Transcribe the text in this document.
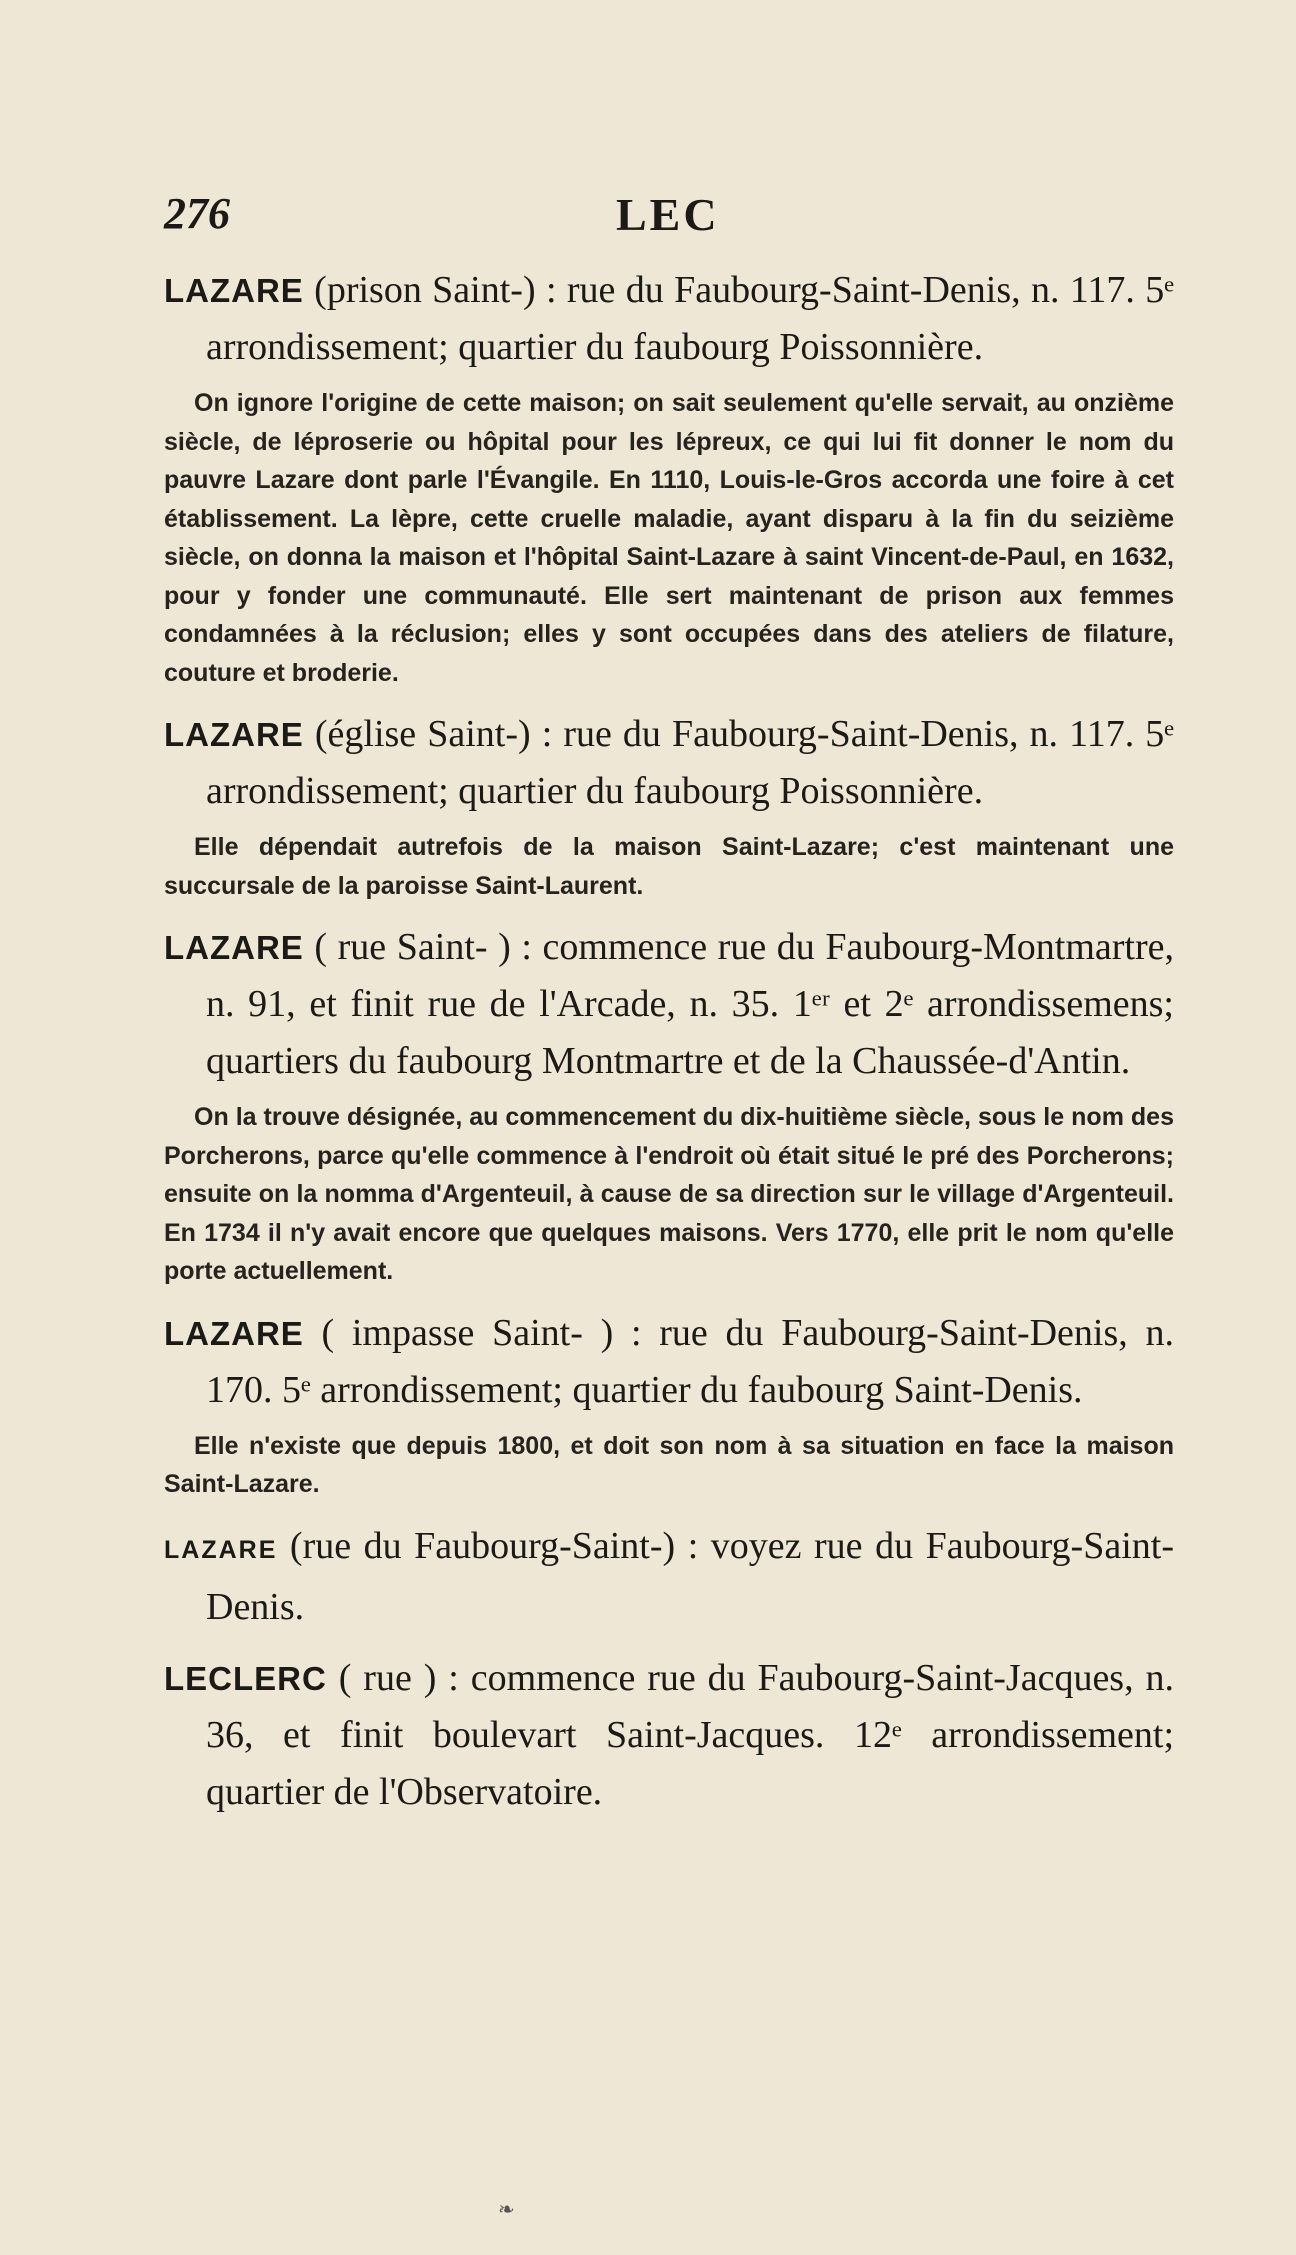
276	LEC

LAZARE (prison Saint-) : rue du Faubourg-Saint-Denis, n. 117. 5ᵉ arrondissement; quartier du faubourg Poissonnière.

On ignore l'origine de cette maison; on sait seulement qu'elle servait, au onzième siècle, de léproserie ou hôpital pour les lépreux, ce qui lui fit donner le nom du pauvre Lazare dont parle l'Évangile. En 1110, Louis-le-Gros accorda une foire à cet établissement. La lèpre, cette cruelle maladie, ayant disparu à la fin du seizième siècle, on donna la maison et l'hôpital Saint-Lazare à saint Vincent-de-Paul, en 1632, pour y fonder une communauté. Elle sert maintenant de prison aux femmes condamnées à la réclusion; elles y sont occupées dans des ateliers de filature, couture et broderie.

LAZARE (église Saint-) : rue du Faubourg-Saint-Denis, n. 117. 5ᵉ arrondissement; quartier du faubourg Poissonnière.

Elle dépendait autrefois de la maison Saint-Lazare; c'est maintenant une succursale de la paroisse Saint-Laurent.

LAZARE ( rue Saint- ) : commence rue du Faubourg-Montmartre, n. 91, et finit rue de l'Arcade, n. 35. 1ᵉʳ et 2ᵉ arrondissemens; quartiers du faubourg Montmartre et de la Chaussée-d'Antin.

On la trouve désignée, au commencement du dix-huitième siècle, sous le nom des Porcherons, parce qu'elle commence à l'endroit où était situé le pré des Porcherons; ensuite on la nomma d'Argenteuil, à cause de sa direction sur le village d'Argenteuil. En 1734 il n'y avait encore que quelques maisons. Vers 1770, elle prit le nom qu'elle porte actuellement.

LAZARE ( impasse Saint- ) : rue du Faubourg-Saint-Denis, n. 170. 5ᵉ arrondissement; quartier du faubourg Saint-Denis.

Elle n'existe que depuis 1800, et doit son nom à sa situation en face la maison Saint-Lazare.

LAZARE (rue du Faubourg-Saint-) : voyez rue du Faubourg-Saint-Denis.

LECLERC ( rue ) : commence rue du Faubourg-Saint-Jacques, n. 36, et finit boulevart Saint-Jacques. 12ᵉ arrondissement; quartier de l'Observatoire.

❧
